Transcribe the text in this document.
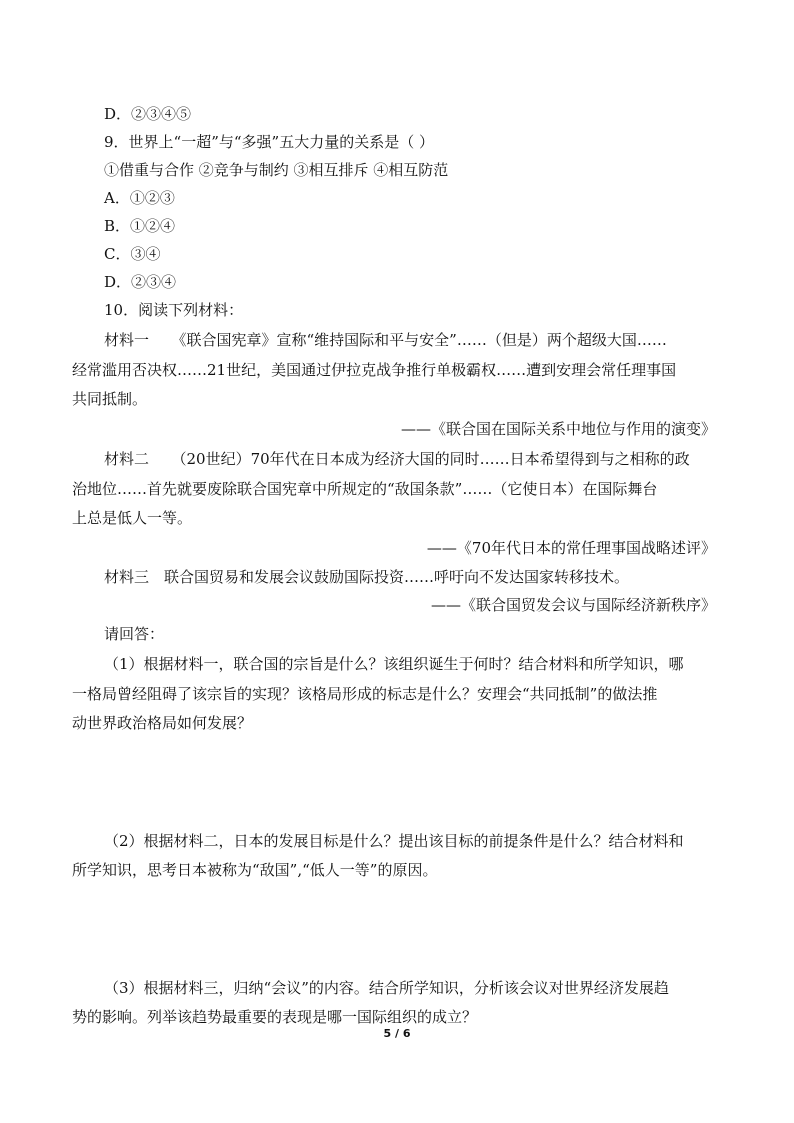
D．②③④⑤
9．世界上“一超”与“多强”五大力量的关系是（ ）
①借重与合作 ②竞争与制约 ③相互排斥 ④相互防范
A．①②③
B．①②④
C．③④
D．②③④
10．阅读下列材料：
材料一　　《联合国宪章》宣称“维持国际和平与安全”……（但是）两个超级大国……
经常滥用否决权……21世纪，美国通过伊拉克战争推行单极霸权……遭到安理会常任理事国
共同抵制。
——《联合国在国际关系中地位与作用的演变》
材料二　　（20世纪）70年代在日本成为经济大国的同时……日本希望得到与之相称的政
治地位……首先就要废除联合国宪章中所规定的“敌国条款”……（它使日本）在国际舞台
上总是低人一等。
——《70年代日本的常任理事国战略述评》
材料三　联合国贸易和发展会议鼓励国际投资……呼吁向不发达国家转移技术。
——《联合国贸发会议与国际经济新秩序》
请回答：
（1）根据材料一，联合国的宗旨是什么？该组织诞生于何时？结合材料和所学知识，哪
一格局曾经阻碍了该宗旨的实现？该格局形成的标志是什么？安理会“共同抵制”的做法推
动世界政治格局如何发展？
（2）根据材料二，日本的发展目标是什么？提出该目标的前提条件是什么？结合材料和
所学知识，思考日本被称为“敌国”,“低人一等”的原因。
（3）根据材料三，归纳“会议”的内容。结合所学知识，分析该会议对世界经济发展趋
势的影响。列举该趋势最重要的表现是哪一国际组织的成立？
5 / 6
